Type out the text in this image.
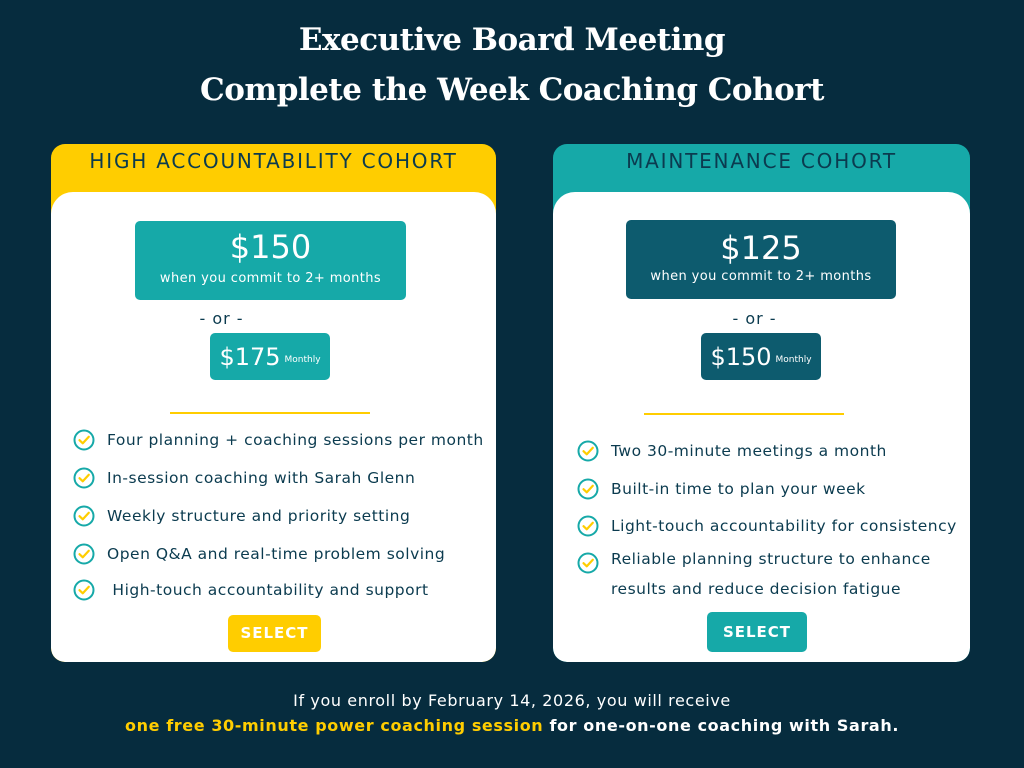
Executive Board Meeting
Complete the Week Coaching Cohort
HIGH ACCOUNTABILITY COHORT
$150
when you commit to 2+ months
- or -
$175 Monthly
Four planning + coaching sessions per month
In-session coaching with Sarah Glenn
Weekly structure and priority setting
Open Q&A and real-time problem solving
High-touch accountability and support
SELECT
MAINTENANCE COHORT
$125
when you commit to 2+ months
- or -
$150 Monthly
Two 30-minute meetings a month
Built-in time to plan your week
Light-touch accountability for consistency
Reliable planning structure to enhance results and reduce decision fatigue
SELECT
If you enroll by February 14, 2026, you will receive
one free 30-minute power coaching session for one-on-one coaching with Sarah.
